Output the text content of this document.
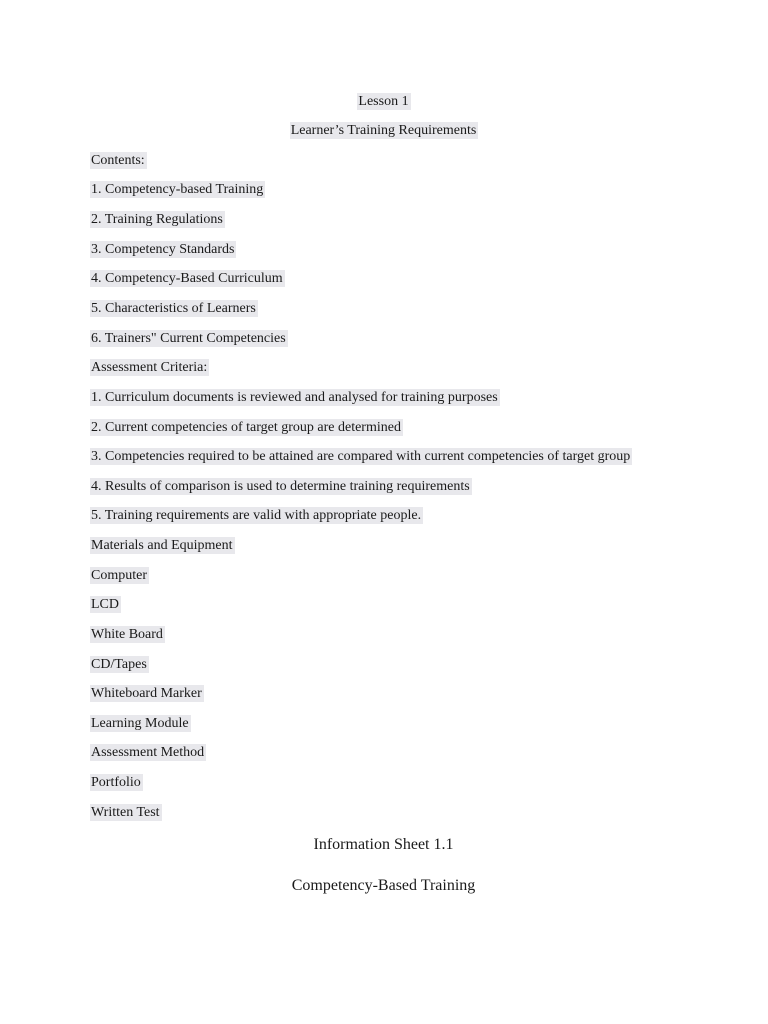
Lesson 1
Learner’s Training Requirements
Contents:
1. Competency-based Training
2. Training Regulations
3. Competency Standards
4. Competency-Based Curriculum
5. Characteristics of Learners
6. Trainers" Current Competencies
Assessment Criteria:
1. Curriculum documents is reviewed and analysed for training purposes
2. Current competencies of target group are determined
3. Competencies required to be attained are compared with current competencies of target group
4. Results of comparison is used to determine training requirements
5. Training requirements are valid with appropriate people.
Materials and Equipment
Computer
LCD
White Board
CD/Tapes
Whiteboard Marker
Learning Module
Assessment Method
Portfolio
Written Test
Information Sheet 1.1
Competency-Based Training
